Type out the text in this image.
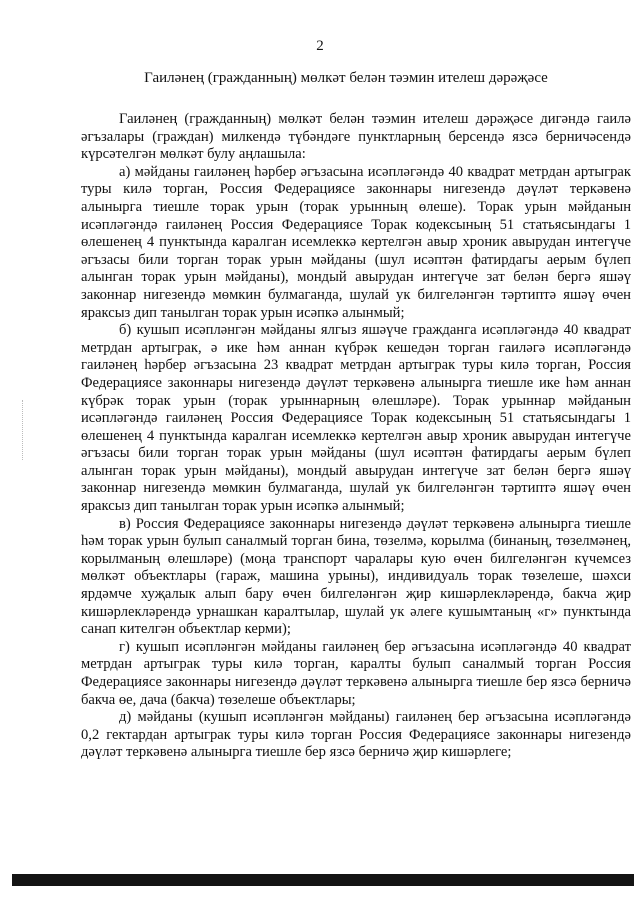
2
Гаиләнең (гражданның) мөлкәт белән тәэмин ителеш дәрәҗәсе

Гаиләнең (гражданның) мөлкәт белән тәэмин ителеш дәрәҗәсе дигәндә гаилә әгъзалары (граждан) милкендә түбәндәге пунктларның берсендә язсә берничәсендә күрсәтелгән мөлкәт булу аңлашыла:

а) мәйданы гаиләнең һәрбер әгъзасына исәпләгәндә 40 квадрат метрдан артыграк туры килә торган, Россия Федерациясе законнары нигезендә дәүләт теркәвенә алынырга тиешле торак урын (торак урынның өлеше). Торак урын мәйданын исәпләгәндә гаиләнең Россия Федерациясе Торак кодексының 51 статьясындагы 1 өлешенең 4 пунктында каралган исемлеккә кертелгән авыр хроник авырудан интегүче әгъзасы били торган торак урын мәйданы (шул исәптән фатирдагы аерым бүлеп алынган торак урын мәйданы), мондый авырудан интегүче зат белән бергә яшәү законнар нигезендә мөмкин булмаганда, шулай ук билгеләнгән тәртиптә яшәү өчен яраксыз дип танылган торак урын исәпкә алынмый;

б) кушып исәпләнгән мәйданы ялгыз яшәүче гражданга исәпләгәндә 40 квадрат метрдан артыграк, ә ике һәм аннан күбрәк кешедән торган гаиләгә исәпләгәндә гаиләнең һәрбер әгъзасына 23 квадрат метрдан артыграк туры килә торган, Россия Федерациясе законнары нигезендә дәүләт теркәвенә алынырга тиешле ике һәм аннан күбрәк торак урын (торак урыннарның өлешләре). Торак урыннар мәйданын исәпләгәндә гаиләнең Россия Федерациясе Торак кодексының 51 статьясындагы 1 өлешенең 4 пунктында каралган исемлеккә кертелгән авыр хроник авырудан интегүче әгъзасы били торган торак урын мәйданы (шул исәптән фатирдагы аерым бүлеп алынган торак урын мәйданы), мондый авырудан интегүче зат белән бергә яшәү законнар нигезендә мөмкин булмаганда, шулай ук билгеләнгән тәртиптә яшәү өчен яраксыз дип танылган торак урын исәпкә алынмый;

в) Россия Федерациясе законнары нигезендә дәүләт теркәвенә алынырга тиешле һәм торак урын булып саналмый торган бина, төзелмә, корылма (бинаның, төзелмәнең, корылманың өлешләре) (моңа транспорт чаралары кую өчен билгеләнгән күчемсез мөлкәт объектлары (гараж, машина урыны), индивидуаль торак төзелеше, шәхси ярдәмче хуҗалык алып бару өчен билгеләнгән җир кишәрлекләрендә, бакча җир кишәрлекләрендә урнашкан каралтылар, шулай ук әлеге кушымтаның «г» пунктында санап кителгән объектлар керми);

г) кушып исәпләнгән мәйданы гаиләнең бер әгъзасына исәпләгәндә 40 квадрат метрдан артыграк туры килә торган, каралты булып саналмый торган Россия Федерациясе законнары нигезендә дәүләт теркәвенә алынырга тиешле бер язсә берничә бакча өе, дача (бакча) төзелеше объектлары;

д) мәйданы (кушып исәпләнгән мәйданы) гаиләнең бер әгъзасына исәпләгәндә 0,2 гектардан артыграк туры килә торган Россия Федерациясе законнары нигезендә дәүләт теркәвенә алынырга тиешле бер язсә берничә җир кишәрлеге;
